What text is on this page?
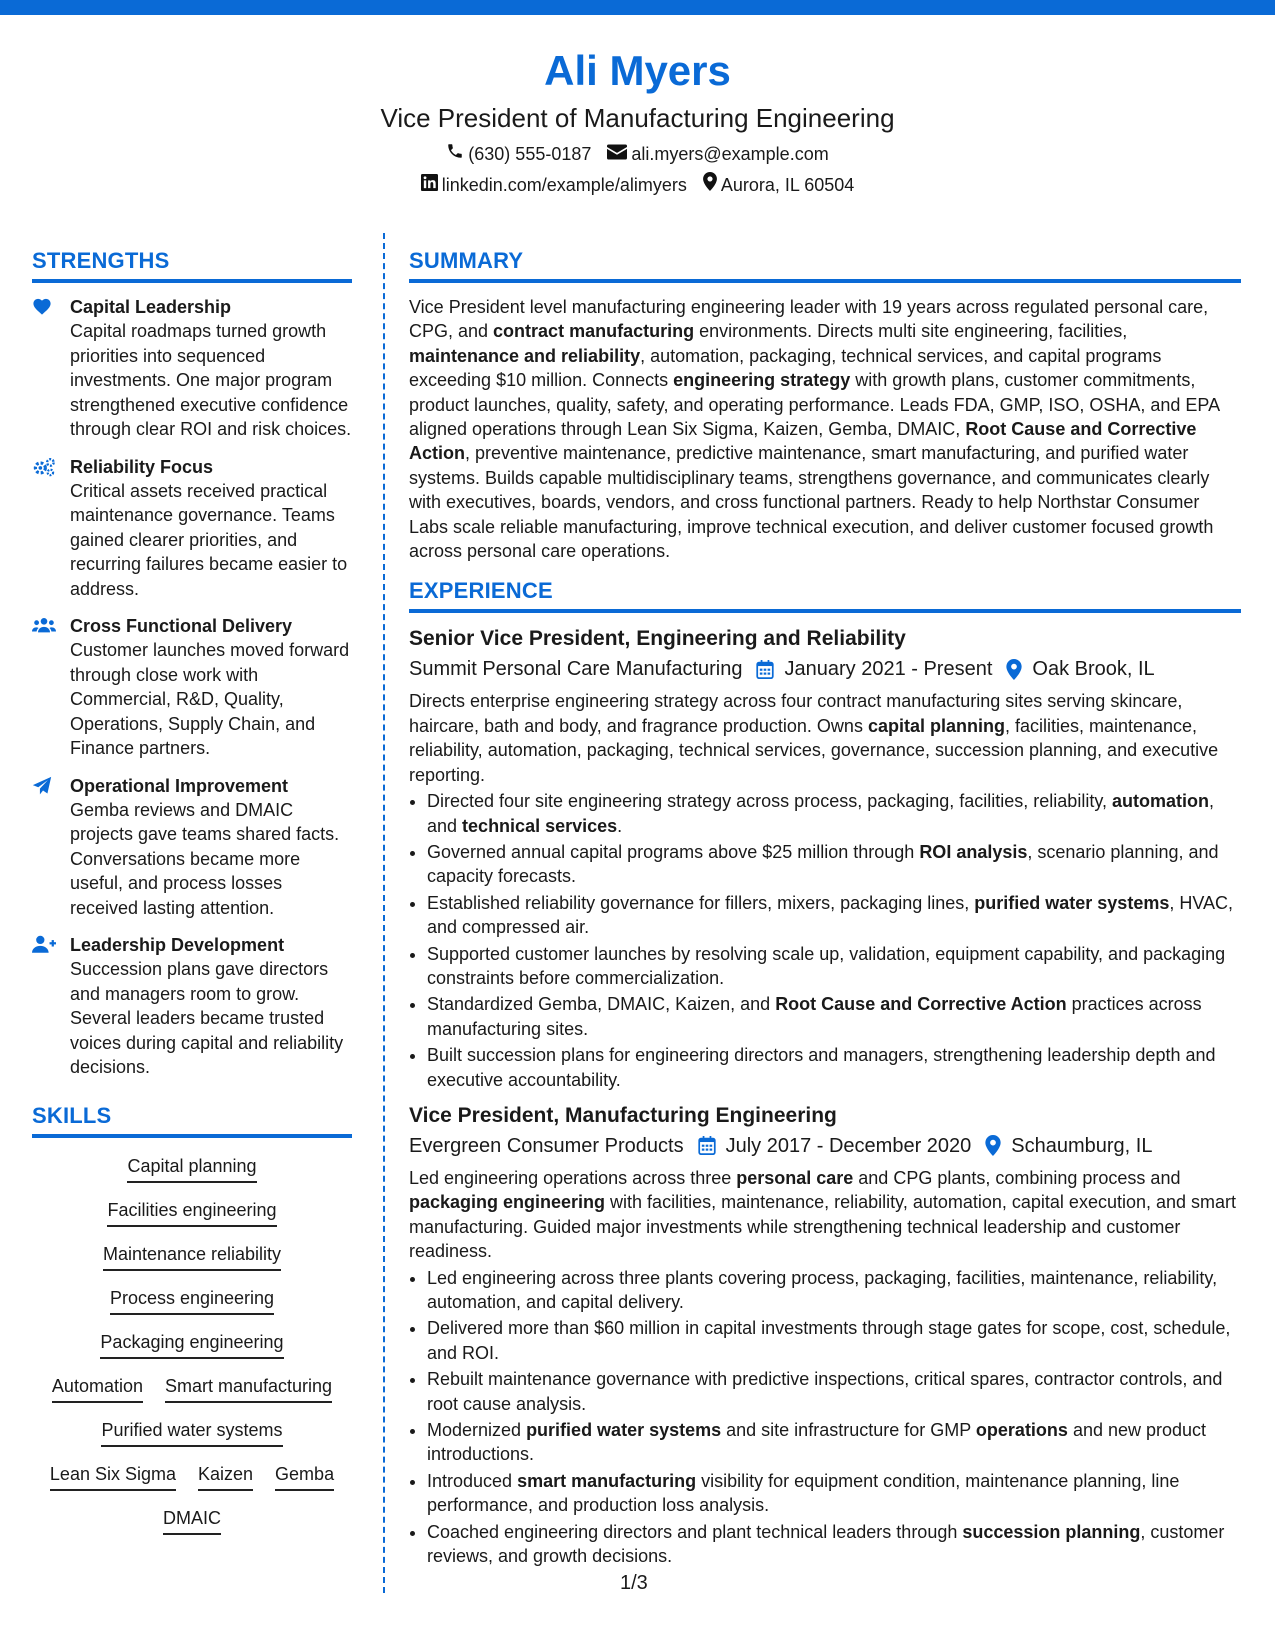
Ali Myers
Vice President of Manufacturing Engineering
(630) 555-0187 ali.myers@example.com
linkedin.com/example/alimyers Aurora, IL 60504
STRENGTHS
Capital Leadership
Capital roadmaps turned growth priorities into sequenced investments. One major program strengthened executive confidence through clear ROI and risk choices.
Reliability Focus
Critical assets received practical maintenance governance. Teams gained clearer priorities, and recurring failures became easier to address.
Cross Functional Delivery
Customer launches moved forward through close work with Commercial, R&D, Quality, Operations, Supply Chain, and Finance partners.
Operational Improvement
Gemba reviews and DMAIC projects gave teams shared facts. Conversations became more useful, and process losses received lasting attention.
Leadership Development
Succession plans gave directors and managers room to grow. Several leaders became trusted voices during capital and reliability decisions.
SKILLS
Capital planning
Facilities engineering
Maintenance reliability
Process engineering
Packaging engineering
Automation Smart manufacturing
Purified water systems
Lean Six Sigma Kaizen Gemba
DMAIC
SUMMARY
Vice President level manufacturing engineering leader with 19 years across regulated personal care, CPG, and contract manufacturing environments. Directs multi site engineering, facilities, maintenance and reliability, automation, packaging, technical services, and capital programs exceeding $10 million. Connects engineering strategy with growth plans, customer commitments, product launches, quality, safety, and operating performance. Leads FDA, GMP, ISO, OSHA, and EPA aligned operations through Lean Six Sigma, Kaizen, Gemba, DMAIC, Root Cause and Corrective Action, preventive maintenance, predictive maintenance, smart manufacturing, and purified water systems. Builds capable multidisciplinary teams, strengthens governance, and communicates clearly with executives, boards, vendors, and cross functional partners. Ready to help Northstar Consumer Labs scale reliable manufacturing, improve technical execution, and deliver customer focused growth across personal care operations.
EXPERIENCE
Senior Vice President, Engineering and Reliability
Summit Personal Care Manufacturing January 2021 - Present Oak Brook, IL
Directs enterprise engineering strategy across four contract manufacturing sites serving skincare, haircare, bath and body, and fragrance production. Owns capital planning, facilities, maintenance, reliability, automation, packaging, technical services, governance, succession planning, and executive reporting.
• Directed four site engineering strategy across process, packaging, facilities, reliability, automation, and technical services.
• Governed annual capital programs above $25 million through ROI analysis, scenario planning, and capacity forecasts.
• Established reliability governance for fillers, mixers, packaging lines, purified water systems, HVAC, and compressed air.
• Supported customer launches by resolving scale up, validation, equipment capability, and packaging constraints before commercialization.
• Standardized Gemba, DMAIC, Kaizen, and Root Cause and Corrective Action practices across manufacturing sites.
• Built succession plans for engineering directors and managers, strengthening leadership depth and executive accountability.
Vice President, Manufacturing Engineering
Evergreen Consumer Products July 2017 - December 2020 Schaumburg, IL
Led engineering operations across three personal care and CPG plants, combining process and packaging engineering with facilities, maintenance, reliability, automation, capital execution, and smart manufacturing. Guided major investments while strengthening technical leadership and customer readiness.
• Led engineering across three plants covering process, packaging, facilities, maintenance, reliability, automation, and capital delivery.
• Delivered more than $60 million in capital investments through stage gates for scope, cost, schedule, and ROI.
• Rebuilt maintenance governance with predictive inspections, critical spares, contractor controls, and root cause analysis.
• Modernized purified water systems and site infrastructure for GMP operations and new product introductions.
• Introduced smart manufacturing visibility for equipment condition, maintenance planning, line performance, and production loss analysis.
• Coached engineering directors and plant technical leaders through succession planning, customer reviews, and growth decisions.
1/3
